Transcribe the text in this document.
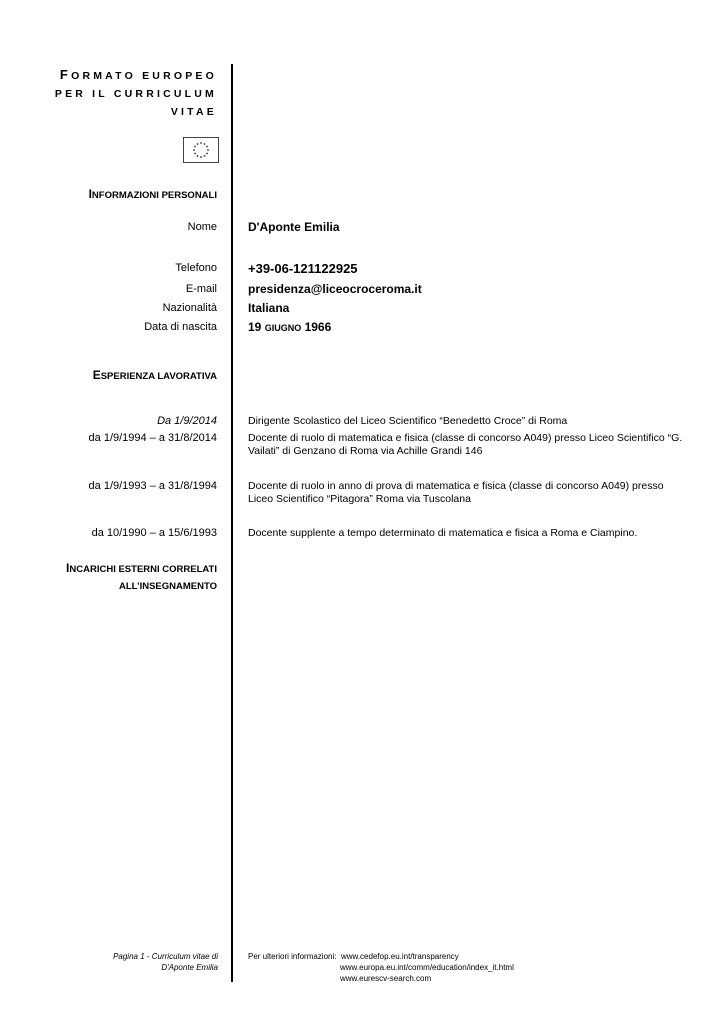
FORMATO EUROPEO
PER IL CURRICULUM
VITAE
INFORMAZIONI PERSONALI
Nome	D'Aponte Emilia
Telefono +39-06-121122925
E-mail	presidenza@liceocroceroma.it
Nazionalità	Italiana
Data di nascita	19 GIUGNO 1966
ESPERIENZA LAVORATIVA
Da 1/9/2014	Dirigente Scolastico del Liceo Scientifico “Benedetto Croce” di Roma
da 1/9/1994 – a 31/8/2014	Docente di ruolo di matematica e fisica (classe di concorso A049) presso Liceo Scientifico “G. Vailati” di Genzano di Roma via Achille Grandi 146
da 1/9/1993 – a 31/8/1994	Docente di ruolo in anno di prova di matematica e fisica (classe di concorso A049) presso Liceo Scientifico “Pitagora” Roma via Tuscolana
da 10/1990 – a 15/6/1993	Docente supplente a tempo determinato di matematica e fisica a Roma e Ciampino.
INCARICHI ESTERNI CORRELATI
ALL’INSEGNAMENTO
Pagina 1 - Curriculum vitae di
D'Aponte Emilia
Per ulteriori informazioni: www.cedefop.eu.int/transparency
www.europa.eu.int/comm/education/index_it.html
www.eurescv-search.com
